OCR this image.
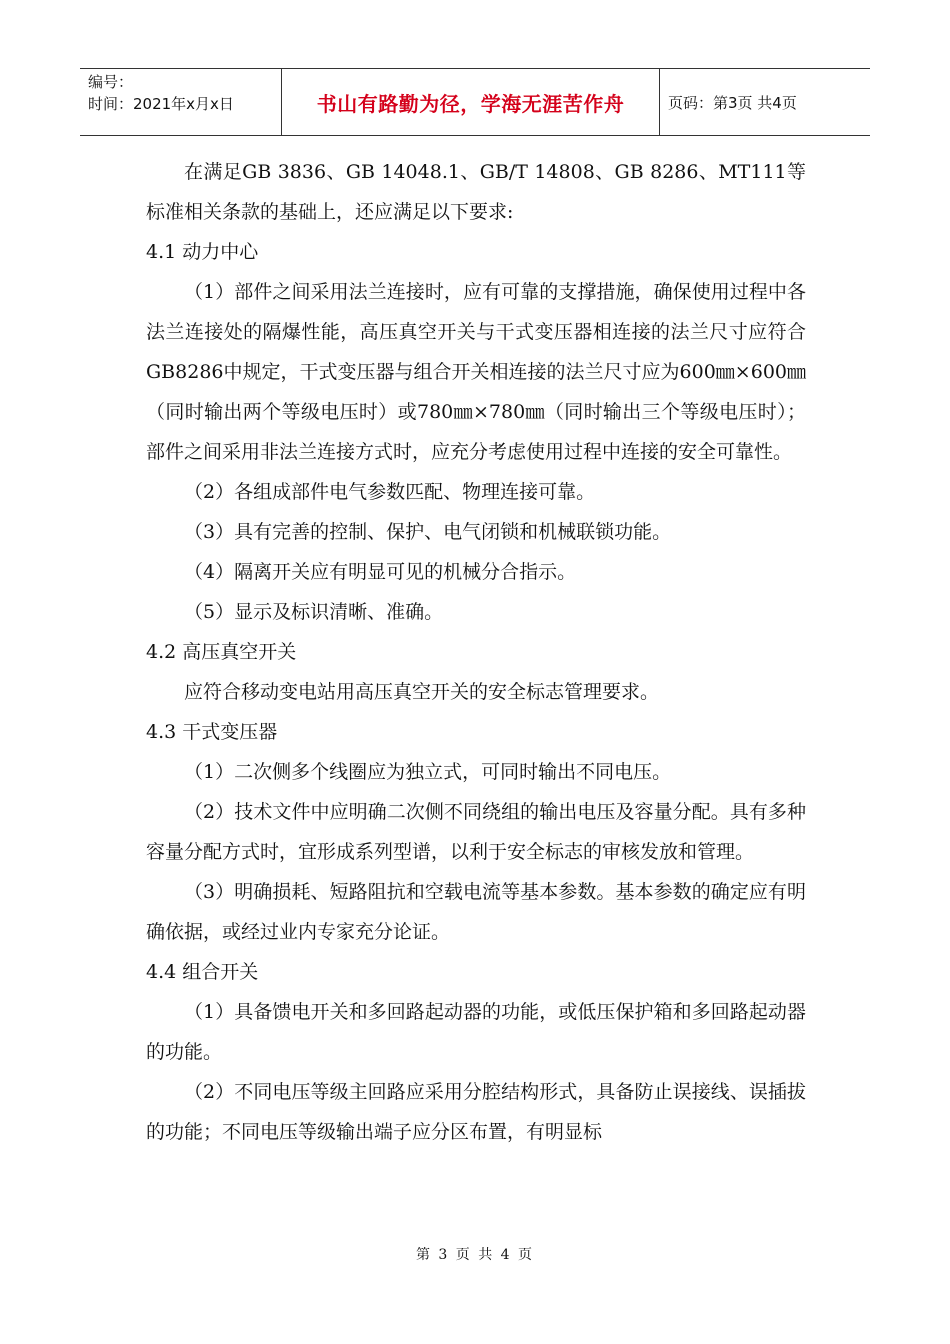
编号：
时间：2021年x月x日	书山有路勤为径，学海无涯苦作舟	页码：第3页 共4页

在满足GB 3836、GB 14048.1、GB/T 14808、GB 8286、MT111等标准相关条款的基础上，还应满足以下要求:

4.1 动力中心

（1）部件之间采用法兰连接时，应有可靠的支撑措施，确保使用过程中各法兰连接处的隔爆性能，高压真空开关与干式变压器相连接的法兰尺寸应符合GB8286中规定，干式变压器与组合开关相连接的法兰尺寸应为600㎜×600㎜（同时输出两个等级电压时）或780㎜×780㎜（同时输出三个等级电压时）；部件之间采用非法兰连接方式时，应充分考虑使用过程中连接的安全可靠性。

（2）各组成部件电气参数匹配、物理连接可靠。

（3）具有完善的控制、保护、电气闭锁和机械联锁功能。

（4）隔离开关应有明显可见的机械分合指示。

（5）显示及标识清晰、准确。

4.2 高压真空开关

应符合移动变电站用高压真空开关的安全标志管理要求。

4.3 干式变压器

（1）二次侧多个线圈应为独立式，可同时输出不同电压。

（2）技术文件中应明确二次侧不同绕组的输出电压及容量分配。具有多种容量分配方式时，宜形成系列型谱，以利于安全标志的审核发放和管理。

（3）明确损耗、短路阻抗和空载电流等基本参数。基本参数的确定应有明确依据，或经过业内专家充分论证。

4.4 组合开关

（1）具备馈电开关和多回路起动器的功能，或低压保护箱和多回路起动器的功能。

（2）不同电压等级主回路应采用分腔结构形式，具备防止误接线、误插拔的功能；不同电压等级输出端子应分区布置，有明显标

第 3 页 共 4 页
